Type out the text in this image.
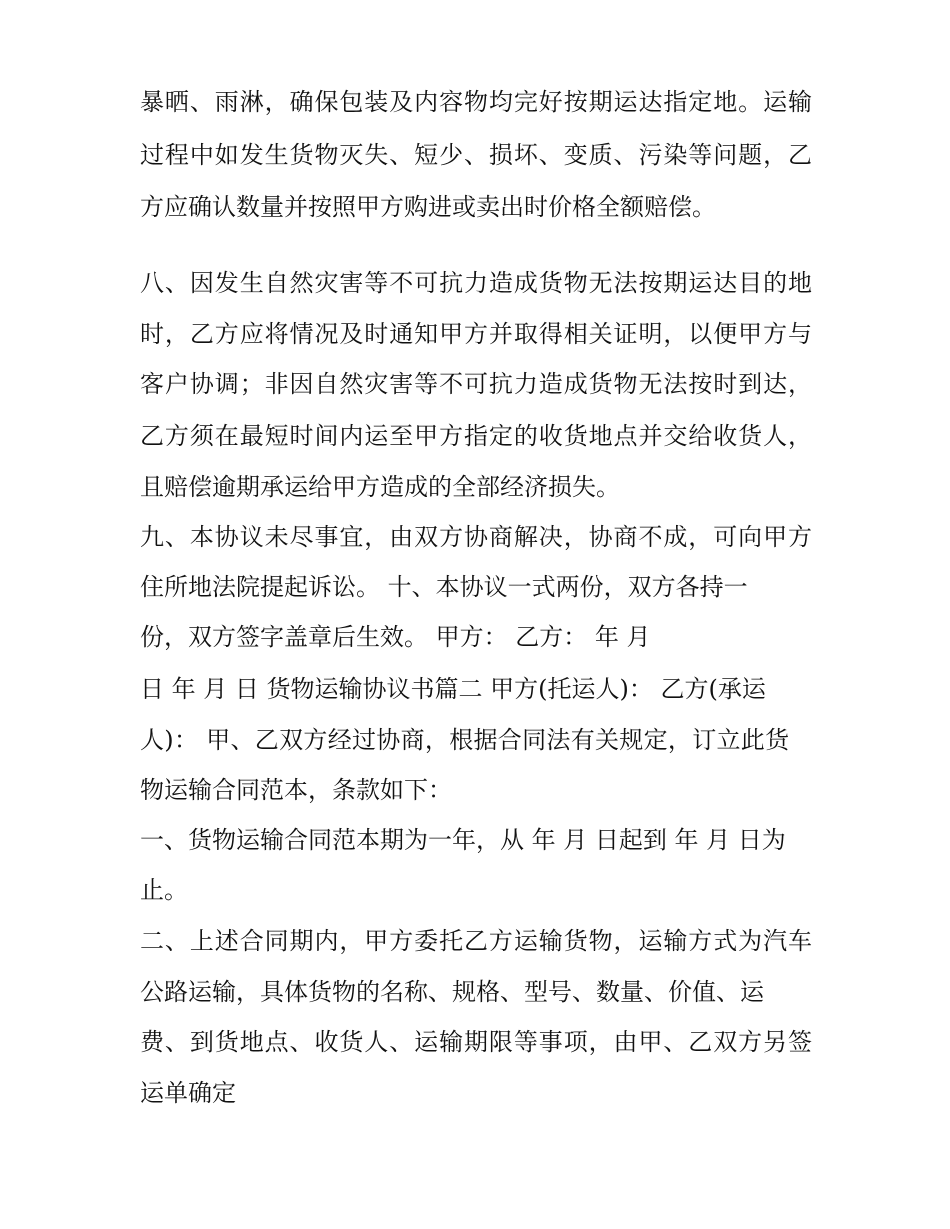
暴晒、雨淋，确保包装及内容物均完好按期运达指定地。运输
过程中如发生货物灭失、短少、损坏、变质、污染等问题，乙
方应确认数量并按照甲方购进或卖出时价格全额赔偿。
八、因发生自然灾害等不可抗力造成货物无法按期运达目的地
时，乙方应将情况及时通知甲方并取得相关证明，以便甲方与
客户协调；非因自然灾害等不可抗力造成货物无法按时到达，
乙方须在最短时间内运至甲方指定的收货地点并交给收货人，
且赔偿逾期承运给甲方造成的全部经济损失。
九、本协议未尽事宜，由双方协商解决，协商不成，可向甲方
住所地法院提起诉讼。 十、本协议一式两份，双方各持一
份，双方签字盖章后生效。 甲方： 乙方： 年 月
日 年 月 日 货物运输协议书篇二 甲方(托运人)： 乙方(承运
人)： 甲、乙双方经过协商，根据合同法有关规定，订立此货
物运输合同范本，条款如下：
一、货物运输合同范本期为一年，从 年 月 日起到 年 月 日为
止。
二、上述合同期内，甲方委托乙方运输货物，运输方式为汽车
公路运输，具体货物的名称、规格、型号、数量、价值、运
费、到货地点、收货人、运输期限等事项，由甲、乙双方另签
运单确定
